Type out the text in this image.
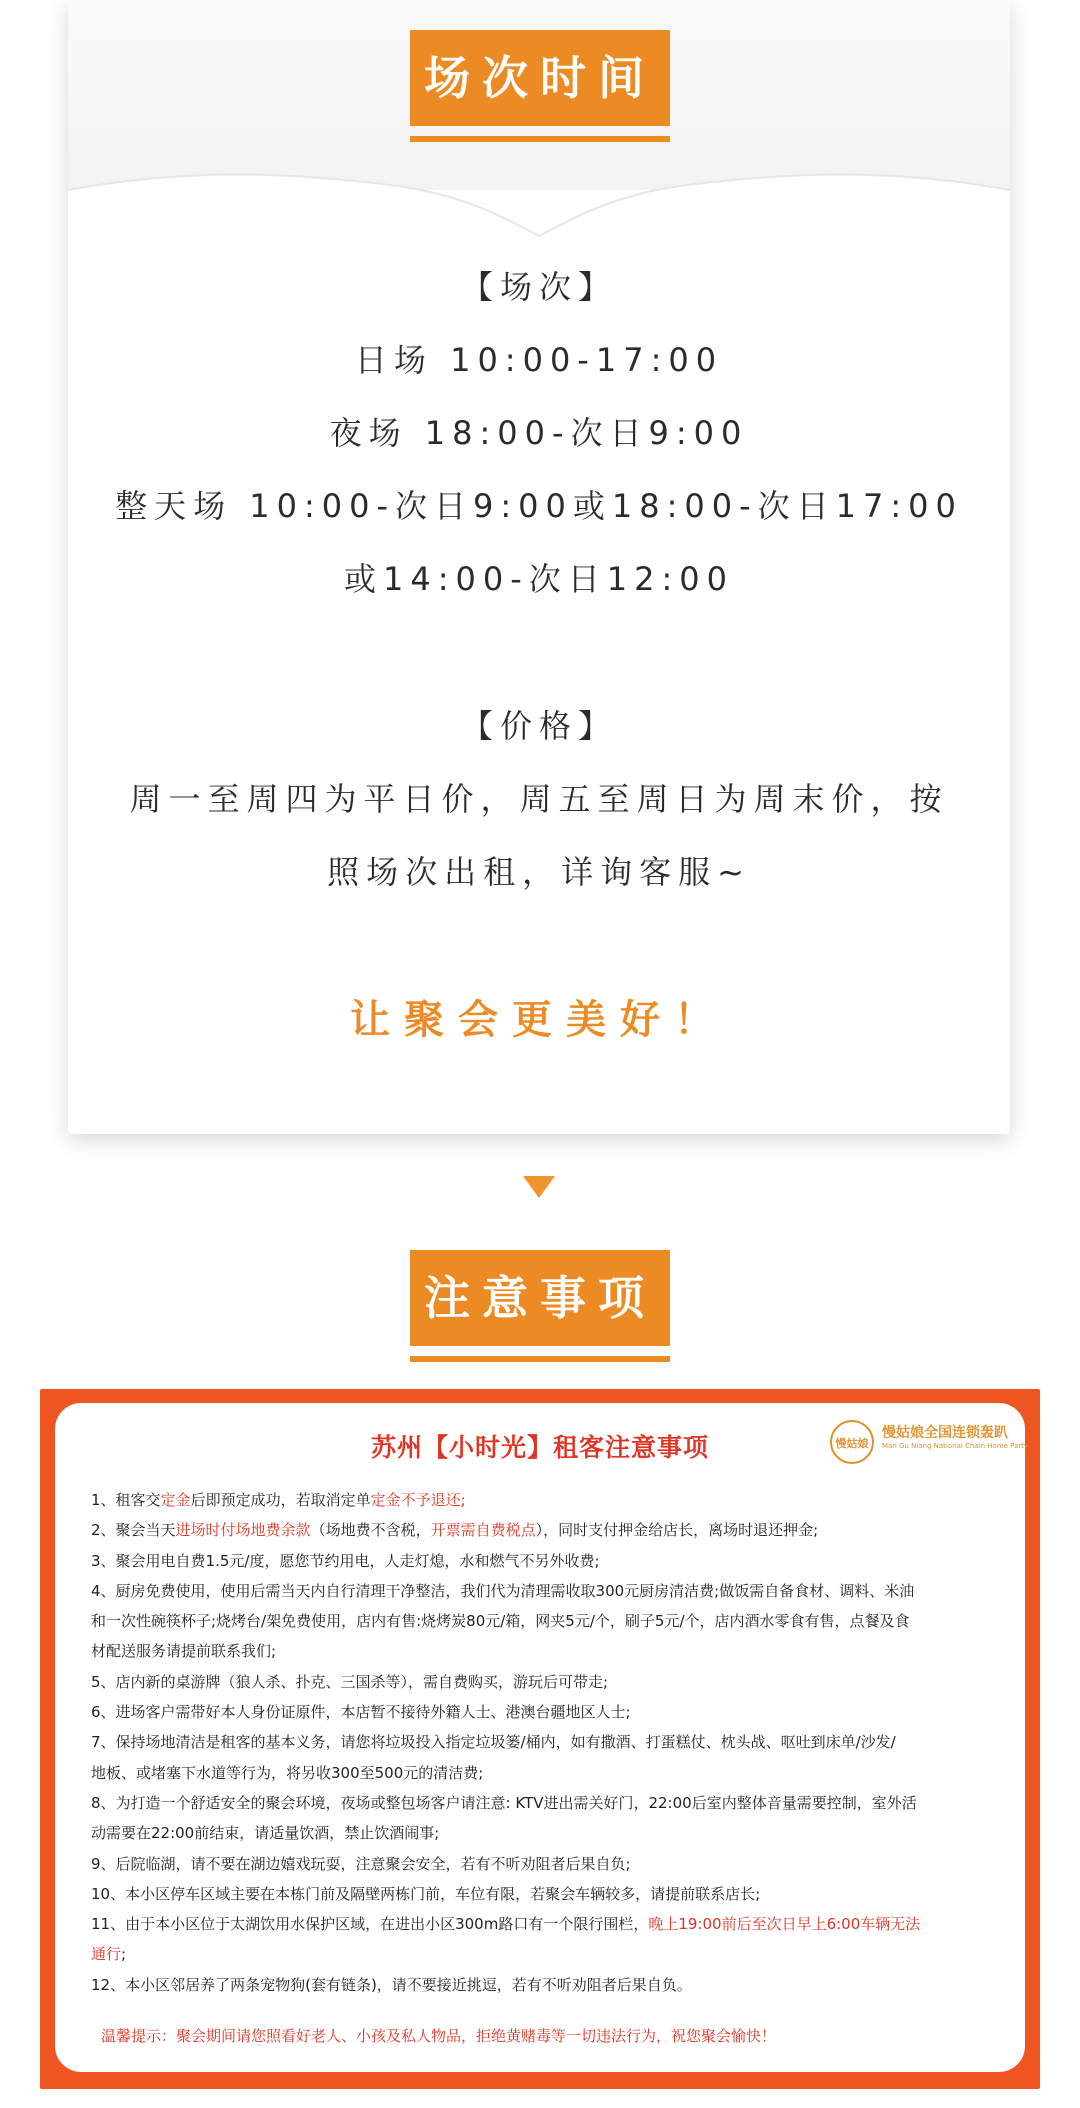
场次时间
【场次】
日场 10:00-17:00
夜场 18:00-次日9:00
整天场 10:00-次日9:00或18:00-次日17:00
或14:00-次日12:00
【价格】
周一至周四为平日价，周五至周日为周末价，按
照场次出租，详询客服~
让聚会更美好！
注意事项
苏州【小时光】租客注意事项	慢姑娘
慢姑娘全国连锁轰趴
Man Gu Niang National Chain Home Party
1、租客交定金后即预定成功，若取消定单定金不予退还;
2、聚会当天进场时付场地费余款（场地费不含税，开票需自费税点），同时支付押金给店长，离场时退还押金;
3、聚会用电自费1.5元/度，愿您节约用电，人走灯熄，水和燃气不另外收费;
4、厨房免费使用，使用后需当天内自行清理干净整洁，我们代为清理需收取300元厨房清洁费;做饭需自备食材、调料、米油
和一次性碗筷杯子;烧烤台/架免费使用，店内有售:烧烤炭80元/箱，网夹5元/个，刷子5元/个，店内酒水零食有售，点餐及食
材配送服务请提前联系我们;
5、店内新的桌游牌（狼人杀、扑克、三国杀等），需自费购买，游玩后可带走;
6、进场客户需带好本人身份证原件，本店暂不接待外籍人士、港澳台疆地区人士;
7、保持场地清洁是租客的基本义务，请您将垃圾投入指定垃圾篓/桶内，如有撒酒、打蛋糕仗、枕头战、呕吐到床单/沙发/
地板、或堵塞下水道等行为，将另收300至500元的清洁费;
8、为打造一个舒适安全的聚会环境，夜场或整包场客户请注意: KTV进出需关好门，22:00后室内整体音量需要控制，室外活
动需要在22:00前结束，请适量饮酒，禁止饮酒闹事;
9、后院临湖，请不要在湖边嬉戏玩耍，注意聚会安全，若有不听劝阻者后果自负;
10、本小区停车区域主要在本栋门前及隔壁两栋门前，车位有限，若聚会车辆较多，请提前联系店长;
11、由于本小区位于太湖饮用水保护区域，在进出小区300m路口有一个限行围栏，晚上19:00前后至次日早上6:00车辆无法
通行;
12、本小区邻居养了两条宠物狗(套有链条)，请不要接近挑逗，若有不听劝阻者后果自负。
温馨提示：聚会期间请您照看好老人、小孩及私人物品，拒绝黄赌毒等一切违法行为，祝您聚会愉快！
